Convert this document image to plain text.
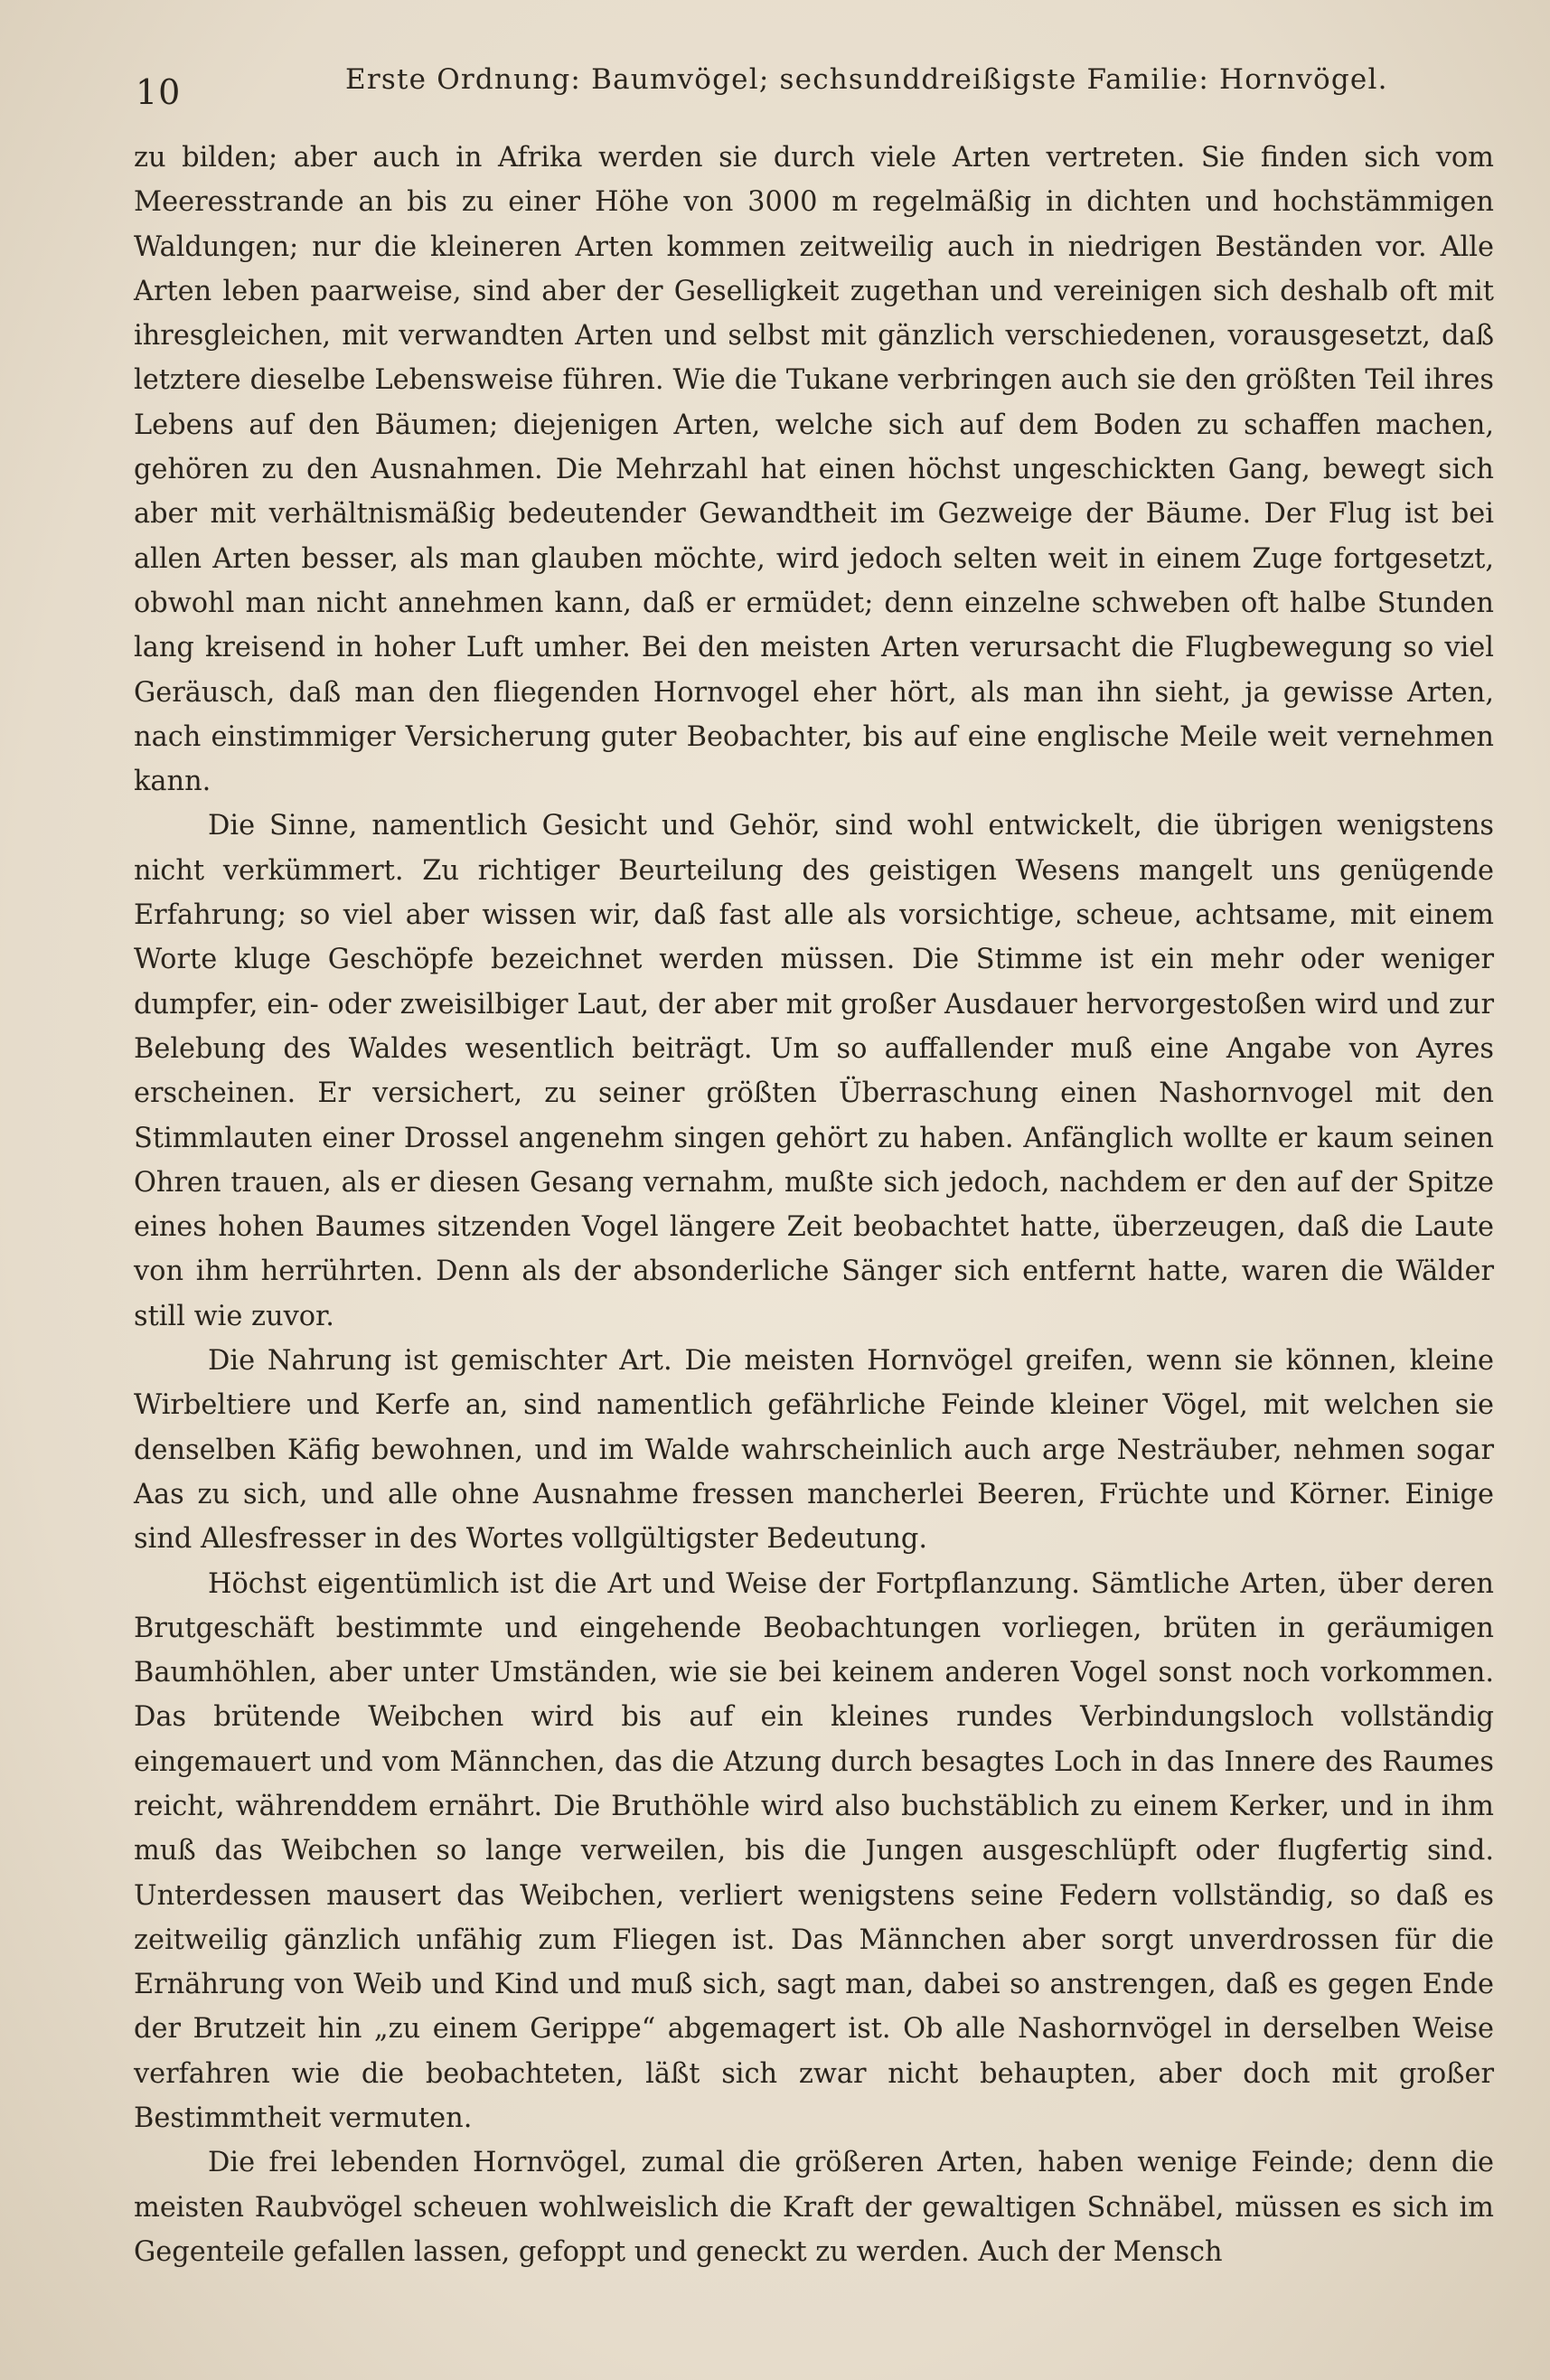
10	Erste Ordnung: Baumvögel; sechsunddreißigste Familie: Hornvögel.

zu bilden; aber auch in Afrika werden sie durch viele Arten vertreten. Sie finden sich vom Meeresstrande an bis zu einer Höhe von 3000 m regelmäßig in dichten und hochstämmigen Waldungen; nur die kleineren Arten kommen zeitweilig auch in niedrigen Beständen vor. Alle Arten leben paarweise, sind aber der Geselligkeit zugethan und vereinigen sich deshalb oft mit ihresgleichen, mit verwandten Arten und selbst mit gänzlich verschiedenen, vorausgesetzt, daß letztere dieselbe Lebensweise führen. Wie die Tukane verbringen auch sie den größten Teil ihres Lebens auf den Bäumen; diejenigen Arten, welche sich auf dem Boden zu schaffen machen, gehören zu den Ausnahmen. Die Mehrzahl hat einen höchst ungeschickten Gang, bewegt sich aber mit verhältnismäßig bedeutender Gewandtheit im Gezweige der Bäume. Der Flug ist bei allen Arten besser, als man glauben möchte, wird jedoch selten weit in einem Zuge fortgesetzt, obwohl man nicht annehmen kann, daß er ermüdet; denn einzelne schweben oft halbe Stunden lang kreisend in hoher Luft umher. Bei den meisten Arten verursacht die Flugbewegung so viel Geräusch, daß man den fliegenden Hornvogel eher hört, als man ihn sieht, ja gewisse Arten, nach einstimmiger Versicherung guter Beobachter, bis auf eine englische Meile weit vernehmen kann.

Die Sinne, namentlich Gesicht und Gehör, sind wohl entwickelt, die übrigen wenigstens nicht verkümmert. Zu richtiger Beurteilung des geistigen Wesens mangelt uns genügende Erfahrung; so viel aber wissen wir, daß fast alle als vorsichtige, scheue, achtsame, mit einem Worte kluge Geschöpfe bezeichnet werden müssen. Die Stimme ist ein mehr oder weniger dumpfer, ein- oder zweisilbiger Laut, der aber mit großer Ausdauer hervorgestoßen wird und zur Belebung des Waldes wesentlich beiträgt. Um so auffallender muß eine Angabe von Ayres erscheinen. Er versichert, zu seiner größten Überraschung einen Nashornvogel mit den Stimmlauten einer Drossel angenehm singen gehört zu haben. Anfänglich wollte er kaum seinen Ohren trauen, als er diesen Gesang vernahm, mußte sich jedoch, nachdem er den auf der Spitze eines hohen Baumes sitzenden Vogel längere Zeit beobachtet hatte, überzeugen, daß die Laute von ihm herrührten. Denn als der absonderliche Sänger sich entfernt hatte, waren die Wälder still wie zuvor.

Die Nahrung ist gemischter Art. Die meisten Hornvögel greifen, wenn sie können, kleine Wirbeltiere und Kerfe an, sind namentlich gefährliche Feinde kleiner Vögel, mit welchen sie denselben Käfig bewohnen, und im Walde wahrscheinlich auch arge Nesträuber, nehmen sogar Aas zu sich, und alle ohne Ausnahme fressen mancherlei Beeren, Früchte und Körner. Einige sind Allesfresser in des Wortes vollgültigster Bedeutung.

Höchst eigentümlich ist die Art und Weise der Fortpflanzung. Sämtliche Arten, über deren Brutgeschäft bestimmte und eingehende Beobachtungen vorliegen, brüten in geräumigen Baumhöhlen, aber unter Umständen, wie sie bei keinem anderen Vogel sonst noch vorkommen. Das brütende Weibchen wird bis auf ein kleines rundes Verbindungsloch vollständig eingemauert und vom Männchen, das die Atzung durch besagtes Loch in das Innere des Raumes reicht, währenddem ernährt. Die Bruthöhle wird also buchstäblich zu einem Kerker, und in ihm muß das Weibchen so lange verweilen, bis die Jungen ausgeschlüpft oder flugfertig sind. Unterdessen mausert das Weibchen, verliert wenigstens seine Federn vollständig, so daß es zeitweilig gänzlich unfähig zum Fliegen ist. Das Männchen aber sorgt unverdrossen für die Ernährung von Weib und Kind und muß sich, sagt man, dabei so anstrengen, daß es gegen Ende der Brutzeit hin „zu einem Gerippe“ abgemagert ist. Ob alle Nashornvögel in derselben Weise verfahren wie die beobachteten, läßt sich zwar nicht behaupten, aber doch mit großer Bestimmtheit vermuten.

Die frei lebenden Hornvögel, zumal die größeren Arten, haben wenige Feinde; denn die meisten Raubvögel scheuen wohlweislich die Kraft der gewaltigen Schnäbel, müssen es sich im Gegenteile gefallen lassen, gefoppt und geneckt zu werden. Auch der Mensch
